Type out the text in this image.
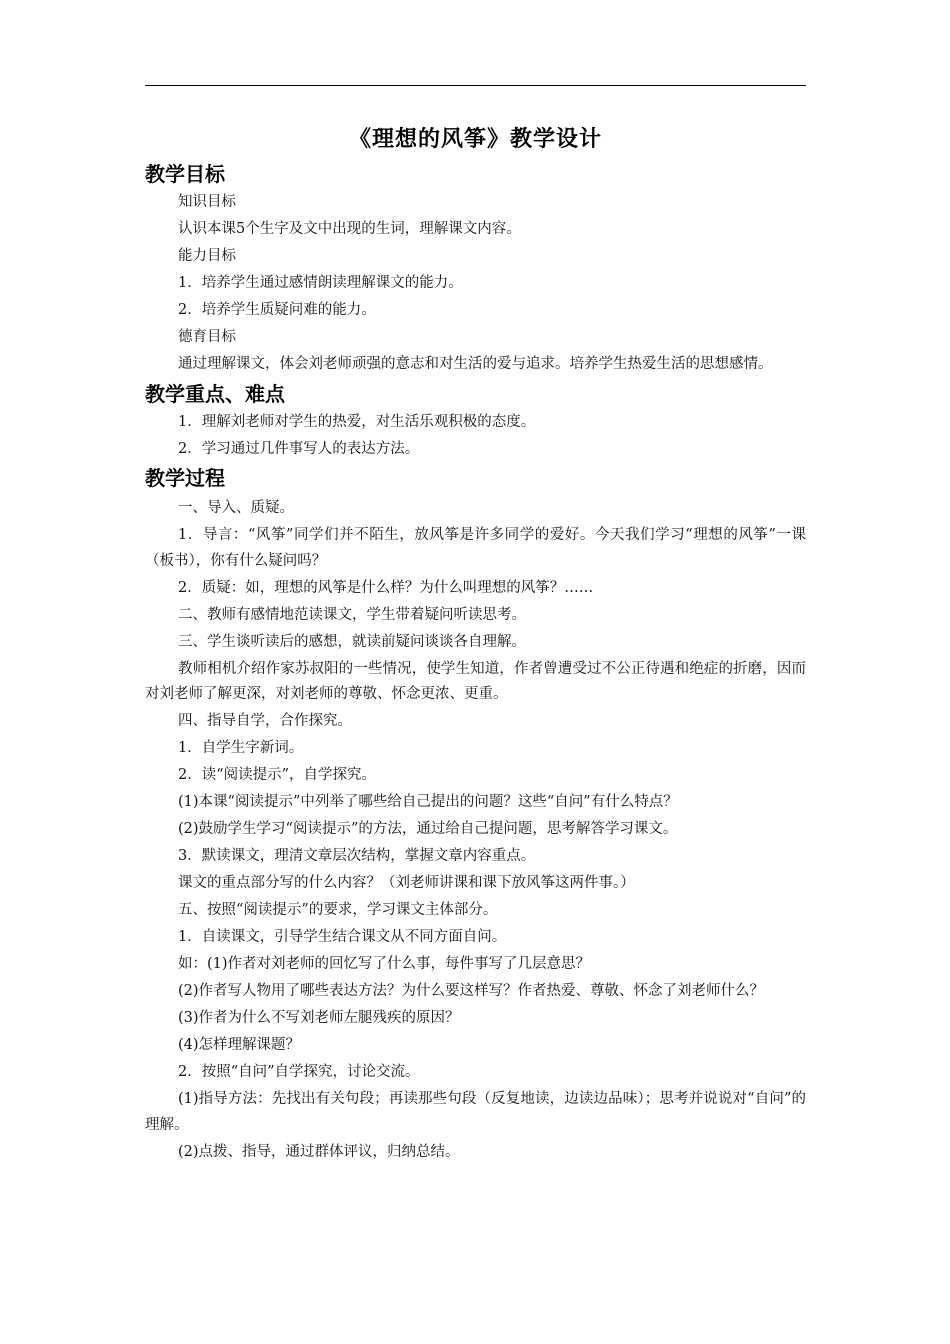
《理想的风筝》教学设计
教学目标

知识目标

认识本课5个生字及文中出现的生词，理解课文内容。

能力目标

1．培养学生通过感情朗读理解课文的能力。

2．培养学生质疑问难的能力。

德育目标

通过理解课文，体会刘老师顽强的意志和对生活的爱与追求。培养学生热爱生活的思想感情。

教学重点、难点

1．理解刘老师对学生的热爱，对生活乐观积极的态度。

2．学习通过几件事写人的表达方法。

教学过程

一、导入、质疑。

1．导言：“风筝”同学们并不陌生，放风筝是许多同学的爱好。今天我们学习“理想的风筝”一课（板书），你有什么疑问吗？

2．质疑：如，理想的风筝是什么样？为什么叫理想的风筝？……

二、教师有感情地范读课文，学生带着疑问听读思考。

三、学生谈听读后的感想，就读前疑问谈谈各自理解。

教师相机介绍作家苏叔阳的一些情况，使学生知道，作者曾遭受过不公正待遇和绝症的折磨，因而对刘老师了解更深，对刘老师的尊敬、怀念更浓、更重。

四、指导自学，合作探究。

1．自学生字新词。

2．读“阅读提示”，自学探究。

(1)本课“阅读提示”中列举了哪些给自己提出的问题？这些“自问”有什么特点？

(2)鼓励学生学习“阅读提示”的方法，通过给自己提问题，思考解答学习课文。

3．默读课文，理清文章层次结构，掌握文章内容重点。

课文的重点部分写的什么内容？（刘老师讲课和课下放风筝这两件事。）

五、按照“阅读提示”的要求，学习课文主体部分。

1．自读课文，引导学生结合课文从不同方面自问。

如：(1)作者对刘老师的回忆写了什么事，每件事写了几层意思？

(2)作者写人物用了哪些表达方法？为什么要这样写？作者热爱、尊敬、怀念了刘老师什么？

(3)作者为什么不写刘老师左腿残疾的原因？

(4)怎样理解课题？

2．按照“自问”自学探究，讨论交流。

(1)指导方法：先找出有关句段；再读那些句段（反复地读，边读边品味）；思考并说说对“自问”的理解。

(2)点拨、指导，通过群体评议，归纳总结。
